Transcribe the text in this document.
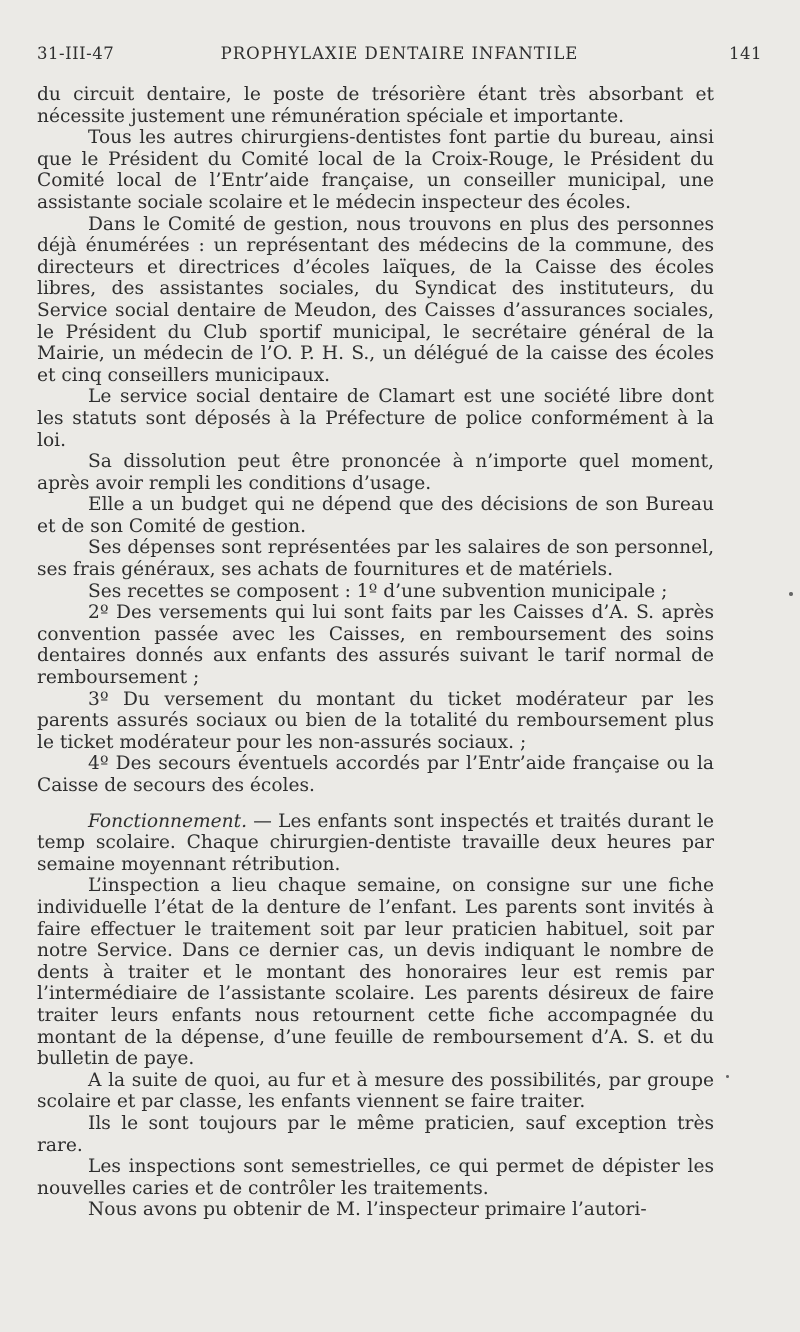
31-III-47	PROPHYLAXIE DENTAIRE INFANTILE	141

du circuit dentaire, le poste de trésorière étant très absorbant et nécessite justement une rémunération spéciale et importante.

Tous les autres chirurgiens-dentistes font partie du bureau, ainsi que le Président du Comité local de la Croix-Rouge, le Président du Comité local de l’Entr’aide française, un conseiller municipal, une assistante sociale scolaire et le médecin inspecteur des écoles.

Dans le Comité de gestion, nous trouvons en plus des personnes déjà énumérées : un représentant des médecins de la commune, des directeurs et directrices d’écoles laïques, de la Caisse des écoles libres, des assistantes sociales, du Syndicat des instituteurs, du Service social dentaire de Meudon, des Caisses d’assurances sociales, le Président du Club sportif municipal, le secrétaire général de la Mairie, un médecin de l’O. P. H. S., un délégué de la caisse des écoles et cinq conseillers municipaux.

Le service social dentaire de Clamart est une société libre dont les statuts sont déposés à la Préfecture de police conformément à la loi.

Sa dissolution peut être prononcée à n’importe quel moment, après avoir rempli les conditions d’usage.

Elle a un budget qui ne dépend que des décisions de son Bureau et de son Comité de gestion.

Ses dépenses sont représentées par les salaires de son personnel, ses frais généraux, ses achats de fournitures et de matériels.

Ses recettes se composent : 1º d’une subvention municipale ;

2º Des versements qui lui sont faits par les Caisses d’A. S. après convention passée avec les Caisses, en remboursement des soins dentaires donnés aux enfants des assurés suivant le tarif normal de remboursement ;

3º Du versement du montant du ticket modérateur par les parents assurés sociaux ou bien de la totalité du remboursement plus le ticket modérateur pour les non-assurés sociaux. ;

4º Des secours éventuels accordés par l’Entr’aide française ou la Caisse de secours des écoles.

Fonctionnement. — Les enfants sont inspectés et traités durant le temp scolaire. Chaque chirurgien-dentiste travaille deux heures par semaine moyennant rétribution.

L’inspection a lieu chaque semaine, on consigne sur une fiche individuelle l’état de la denture de l’enfant. Les parents sont invités à faire effectuer le traitement soit par leur praticien habituel, soit par notre Service. Dans ce dernier cas, un devis indiquant le nombre de dents à traiter et le montant des honoraires leur est remis par l’intermédiaire de l’assistante scolaire. Les parents désireux de faire traiter leurs enfants nous retournent cette fiche accompagnée du montant de la dépense, d’une feuille de remboursement d’A. S. et du bulletin de paye.

A la suite de quoi, au fur et à mesure des possibilités, par groupe scolaire et par classe, les enfants viennent se faire traiter.

Ils le sont toujours par le même praticien, sauf exception très rare.

Les inspections sont semestrielles, ce qui permet de dépister les nouvelles caries et de contrôler les traitements.

Nous avons pu obtenir de M. l’inspecteur primaire l’autori-
